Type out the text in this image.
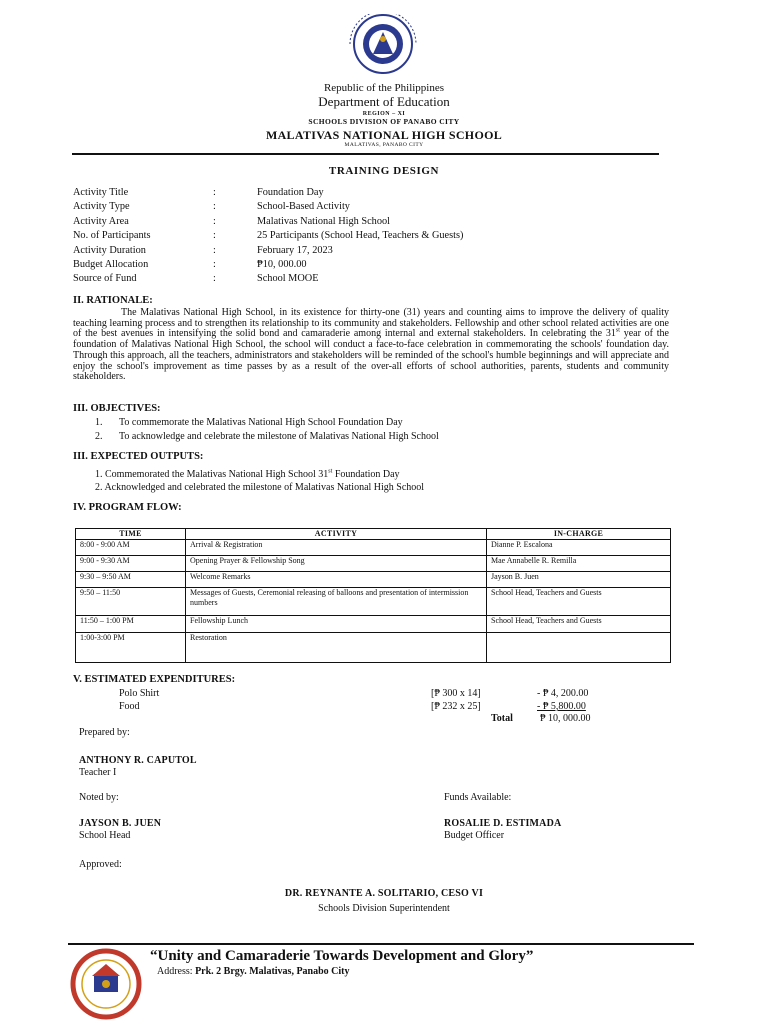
Republic of the Philippines
Department of Education
REGION – XI
SCHOOLS DIVISION OF PANABO CITY
MALATIVAS NATIONAL HIGH SCHOOL
MALATIVAS, PANABO CITY
TRAINING DESIGN
Activity Title	:	Foundation Day
Activity Type	:	School-Based Activity
Activity Area	:	Malativas National High School
No. of Participants	:	25 Participants (School Head, Teachers & Guests)
Activity Duration	:	February 17, 2023
Budget Allocation	:	₱10, 000.00
Source of Fund	:	School MOOE
II. RATIONALE:
The Malativas National High School, in its existence for thirty-one (31) years and counting aims to improve the delivery of quality teaching learning process and to strengthen its relationship to its community and stakeholders. Fellowship and other school related activities are one of the best avenues in intensifying the solid bond and camaraderie among internal and external stakeholders. In celebrating the 31st year of the foundation of Malativas National High School, the school will conduct a face-to-face celebration in commemorating the schools' foundation day. Through this approach, all the teachers, administrators and stakeholders will be reminded of the school's humble beginnings and will appreciate and enjoy the school's improvement as time passes by as a result of the over-all efforts of school authorities, parents, students and community stakeholders.
III. OBJECTIVES:
1.	To commemorate the Malativas National High School Foundation Day
2.	To acknowledge and celebrate the milestone of Malativas National High School
III. EXPECTED OUTPUTS:
1. Commemorated the Malativas National High School 31st Foundation Day
2. Acknowledged and celebrated the milestone of Malativas National High School
IV. PROGRAM FLOW:
TIME	ACTIVITY	IN-CHARGE
8:00 - 9:00 AM	Arrival & Registration	Dianne P. Escalona
9:00 - 9:30 AM	Opening Prayer & Fellowship Song	Mae Annabelle R. Remilla
9:30 – 9:50 AM	Welcome Remarks	Jayson B. Juen
9:50 – 11:50	Messages of Guests, Ceremonial releasing of balloons and presentation of intermission numbers	School Head, Teachers and Guests
11:50 – 1:00 PM	Fellowship Lunch	School Head, Teachers and Guests
1:00-3:00 PM	Restoration	
V. ESTIMATED EXPENDITURES:
Polo Shirt	[₱ 300 x 14]	- ₱ 4, 200.00
Food	[₱ 232 x 25]	- ₱ 5,800.00
Total	₱ 10, 000.00
Prepared by:
ANTHONY R. CAPUTOL
Teacher I
Noted by:	Funds Available:
JAYSON B. JUEN
School Head
ROSALIE D. ESTIMADA
Budget Officer
Approved:
DR. REYNANTE A. SOLITARIO, CESO VI
Schools Division Superintendent
“Unity and Camaraderie Towards Development and Glory”
Address: Prk. 2 Brgy. Malativas, Panabo City
